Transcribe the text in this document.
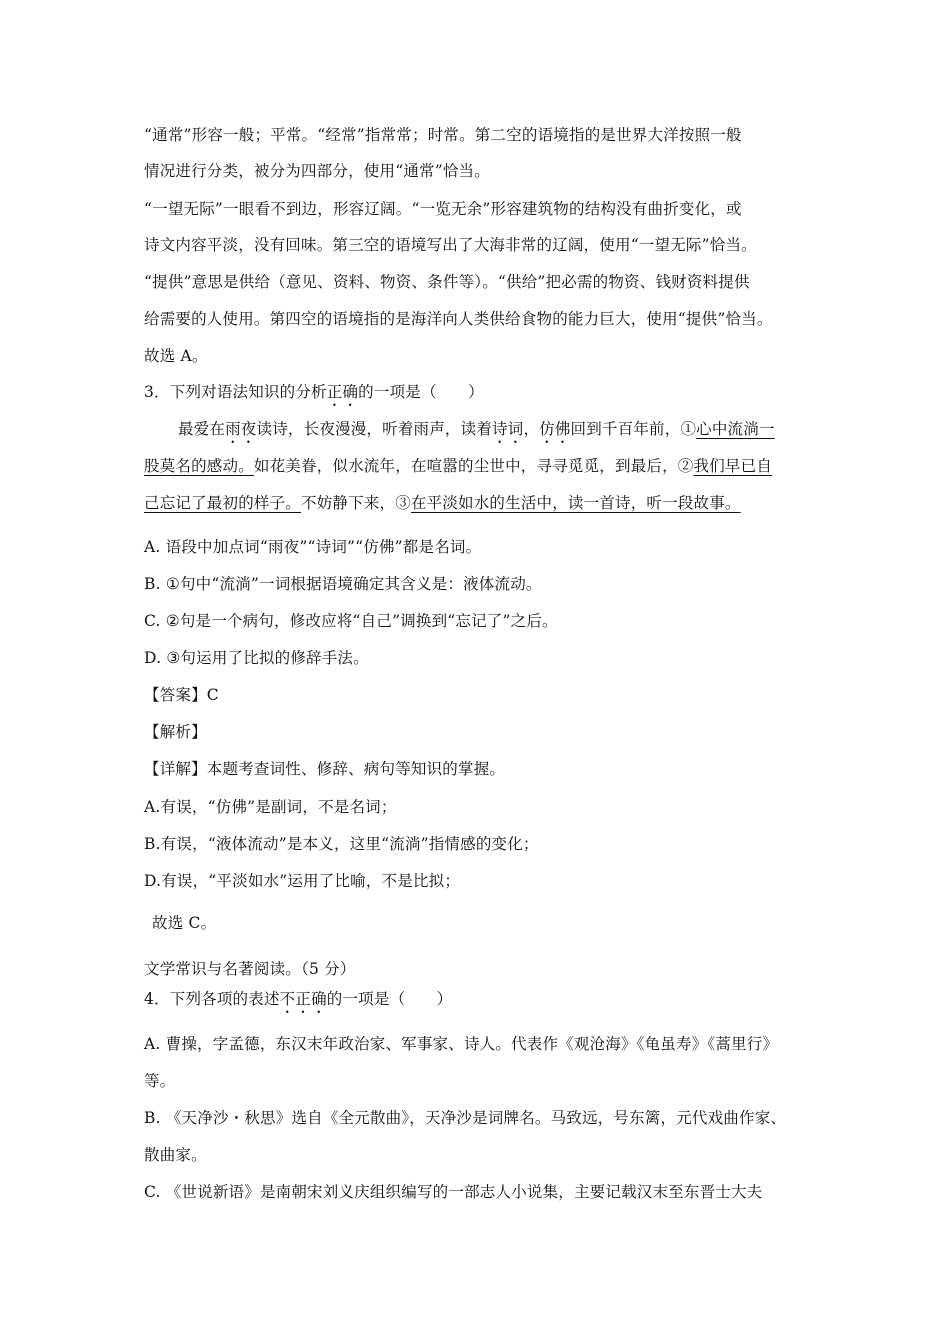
“通常”形容一般；平常。“经常”指常常；时常。第二空的语境指的是世界大洋按照一般
情况进行分类，被分为四部分，使用“通常”恰当。
“一望无际”一眼看不到边，形容辽阔。“一览无余”形容建筑物的结构没有曲折变化，或
诗文内容平淡，没有回味。第三空的语境写出了大海非常的辽阔，使用“一望无际”恰当。
“提供”意思是供给（意见、资料、物资、条件等）。“供给”把必需的物资、钱财资料提供
给需要的人使用。第四空的语境指的是海洋向人类供给食物的能力巨大，使用“提供”恰当。
故选 A。
3．下列对语法知识的分析正确的一项是（　　）
最爱在雨夜读诗，长夜漫漫，听着雨声，读着诗词，仿佛回到千百年前，①心中流淌一
股莫名的感动。如花美眷，似水流年，在喧嚣的尘世中，寻寻觅觅，到最后，②我们早已自
己忘记了最初的样子。不妨静下来，③在平淡如水的生活中，读一首诗，听一段故事。
A. 语段中加点词“雨夜”“诗词”“仿佛”都是名词。
B. ①句中“流淌”一词根据语境确定其含义是：液体流动。
C. ②句是一个病句，修改应将“自己”调换到“忘记了”之后。
D. ③句运用了比拟的修辞手法。
【答案】C
【解析】
【详解】本题考查词性、修辞、病句等知识的掌握。
A.有误，“仿佛”是副词，不是名词；
B.有误，“液体流动”是本义，这里“流淌”指情感的变化；
D.有误，“平淡如水”运用了比喻，不是比拟；
故选 C。
文学常识与名著阅读。（5 分）
4．下列各项的表述不正确的一项是（　　）
A. 曹操，字孟德，东汉末年政治家、军事家、诗人。代表作《观沧海》《龟虽寿》《蒿里行》
等。
B. 《天净沙・秋思》选自《全元散曲》，天净沙是词牌名。马致远，号东篱，元代戏曲作家、
散曲家。
C. 《世说新语》是南朝宋刘义庆组织编写的一部志人小说集，主要记载汉末至东晋士大夫
